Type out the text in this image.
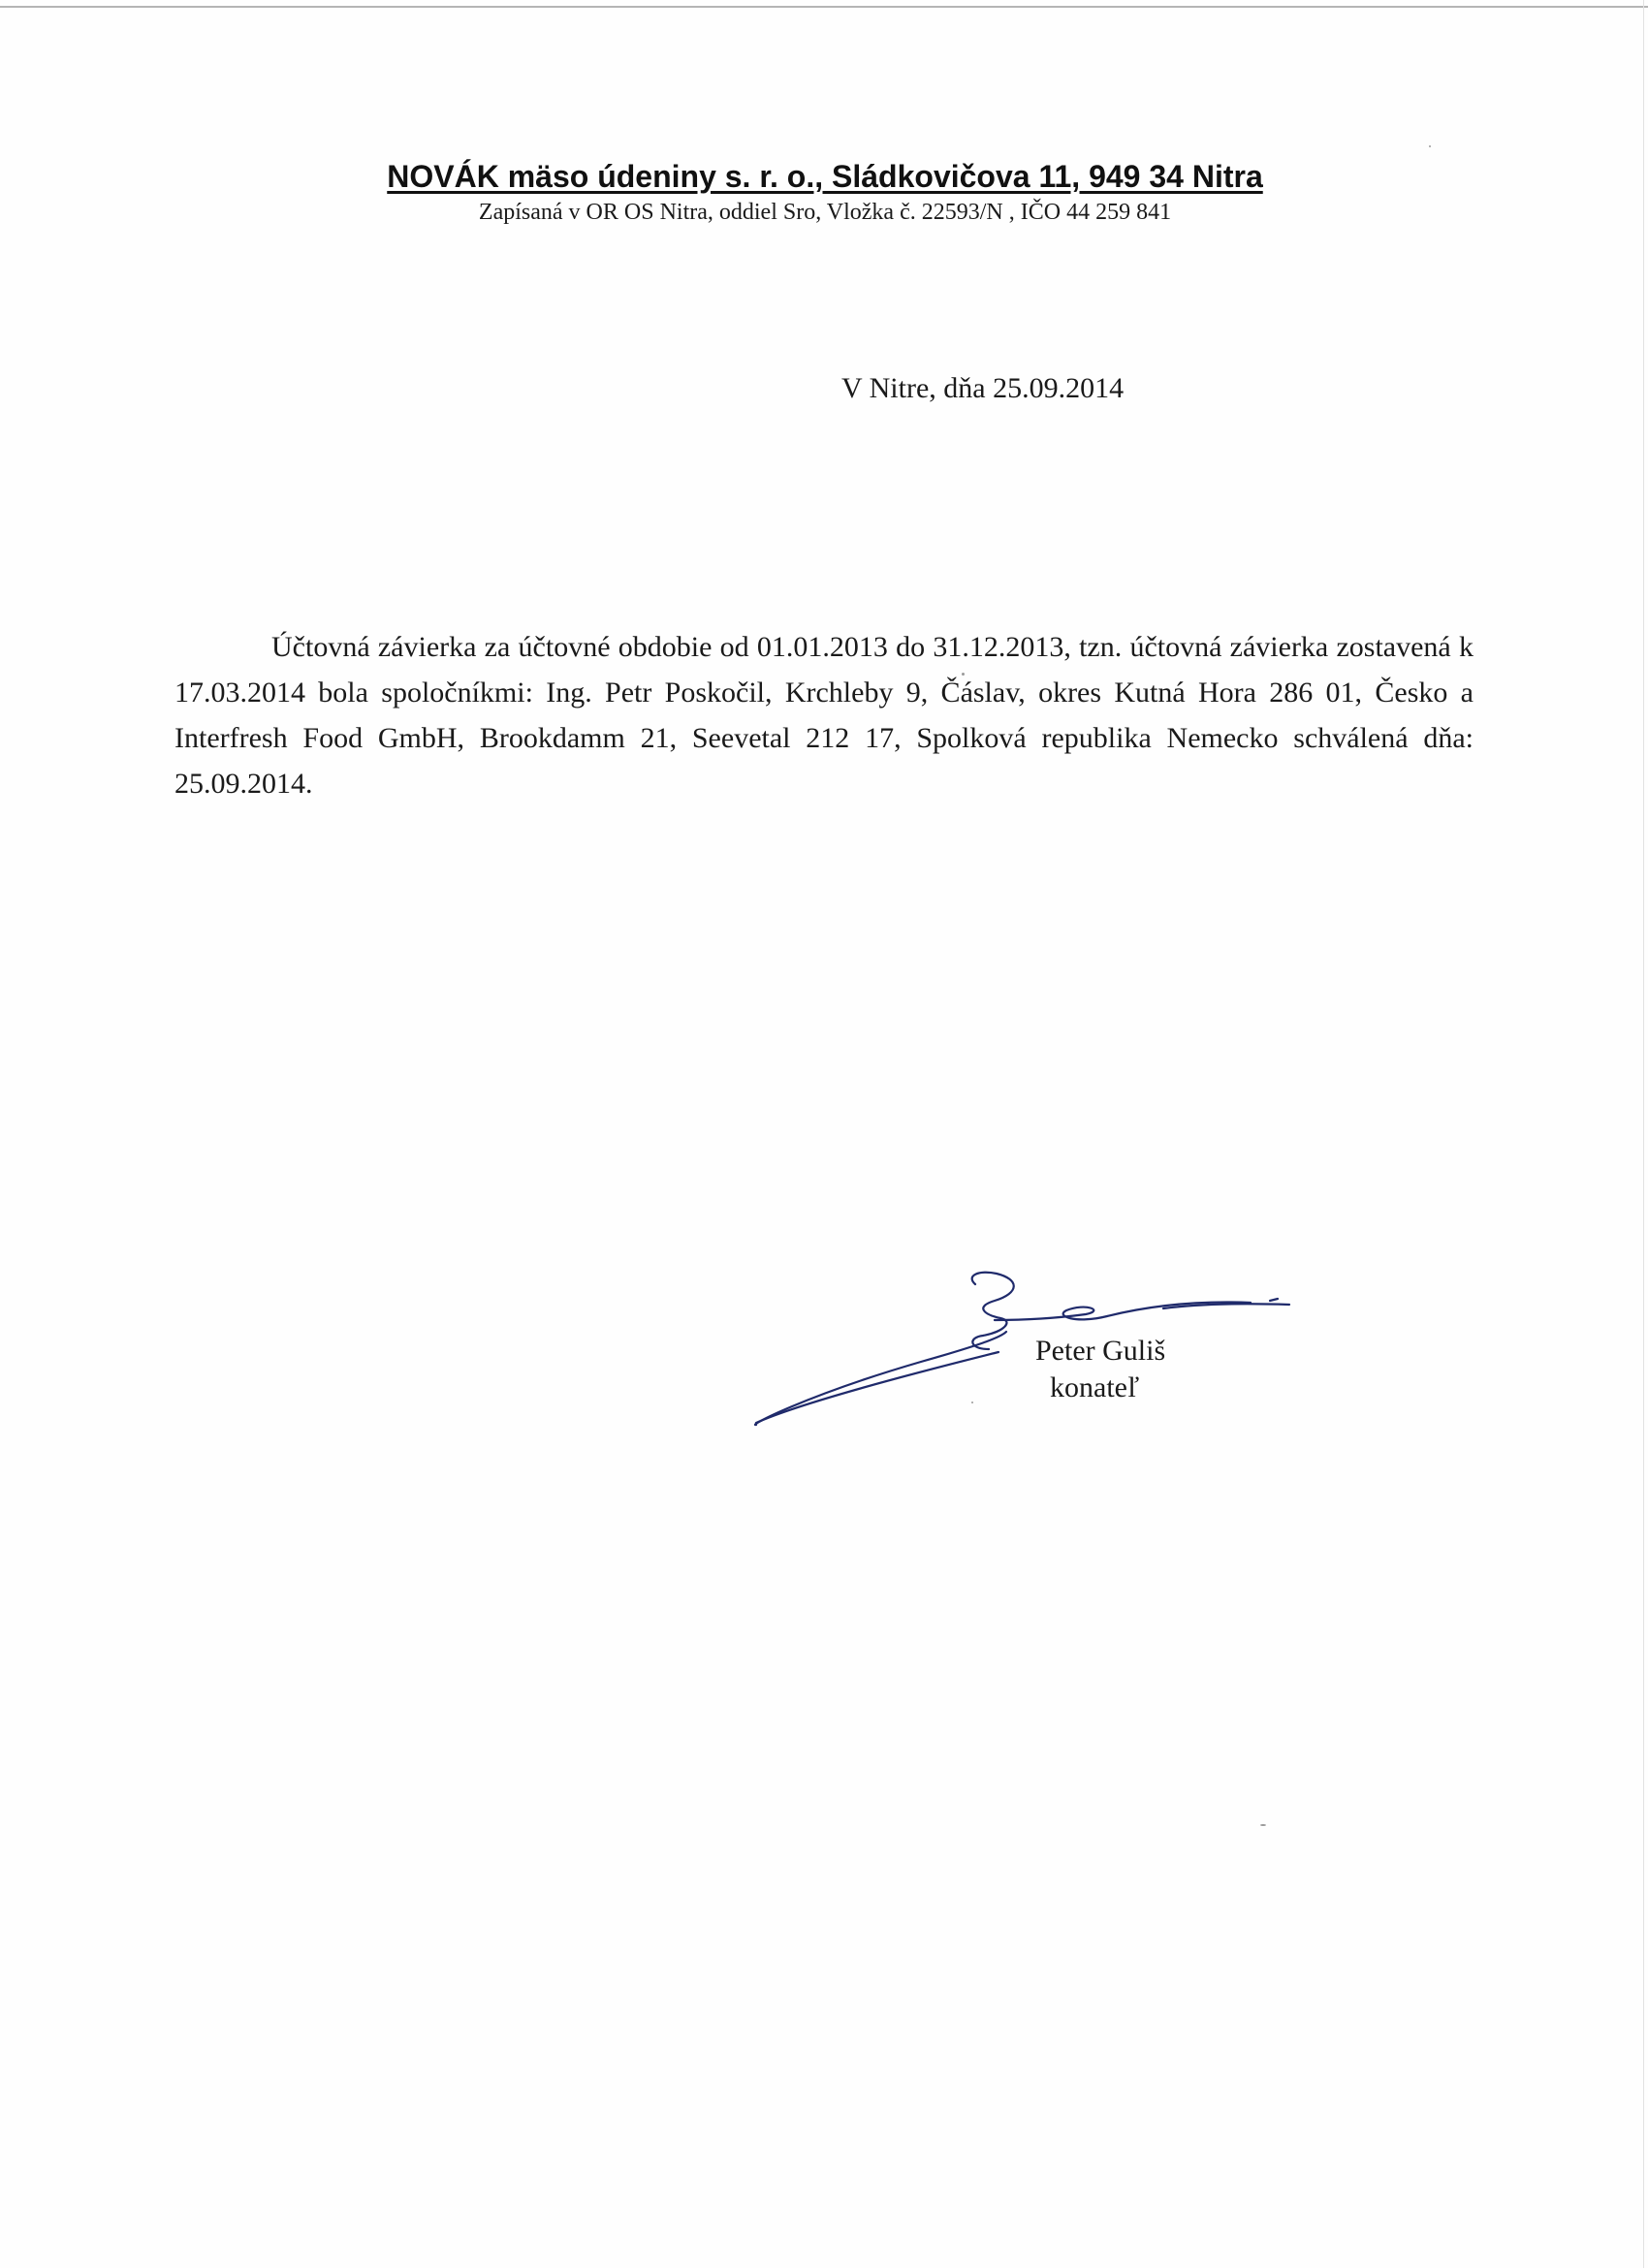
NOVÁK mäso údeniny s. r. o., Sládkovičova 11, 949 34 Nitra
Zapísaná v OR OS Nitra, oddiel Sro, Vložka č. 22593/N , IČO 44 259 841
V Nitre, dňa 25.09.2014
Účtovná závierka za účtovné obdobie od 01.01.2013 do 31.12.2013, tzn. účtovná závierka zostavená k 17.03.2014 bola spoločníkmi: Ing. Petr Poskočil, Krchleby 9, Čáslav, okres Kutná Hora 286 01, Česko a Interfresh Food GmbH, Brookdamm 21, Seevetal 212 17, Spolková republika Nemecko schválená dňa: 25.09.2014.
Peter Guliš
konateľ
